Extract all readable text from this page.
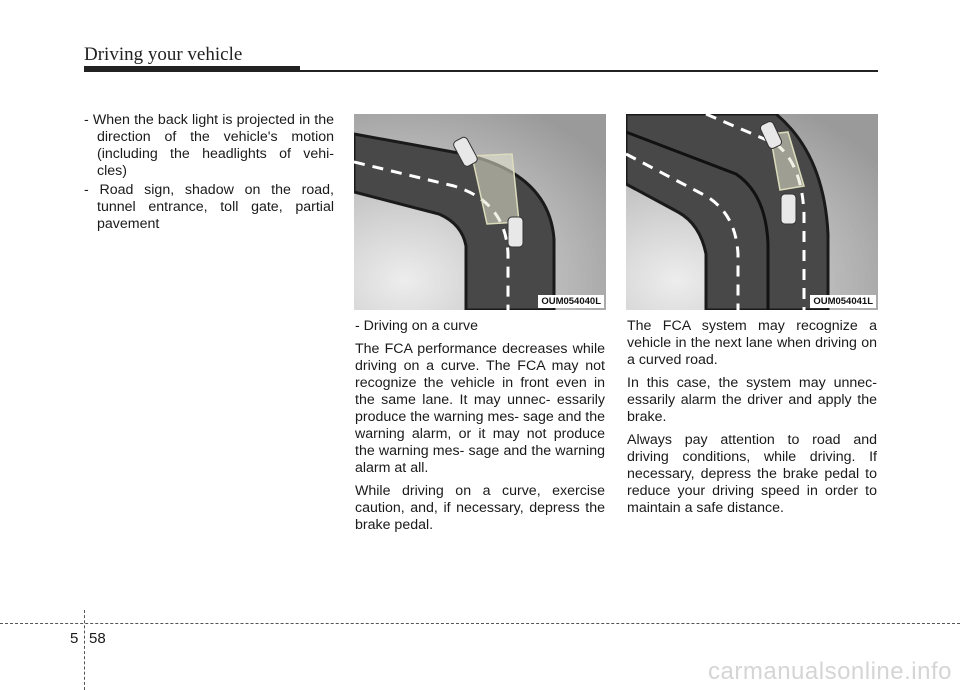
Driving your vehicle

- When the back light is projected in the direction of the vehicle's motion (including the headlights of vehi- cles)

- Road sign, shadow on the road, tunnel entrance, toll gate, partial pavement

OUM054040L	OUM054041L

- Driving on a curve

The FCA performance decreases while driving on a curve. The FCA may not recognize the vehicle in front even in the same lane. It may unnec- essarily produce the warning mes- sage and the warning alarm, or it may not produce the warning mes- sage and the warning alarm at all.

While driving on a curve, exercise caution, and, if necessary, depress the brake pedal.

The FCA system may recognize a vehicle in the next lane when driving on a curved road.

In this case, the system may unnec- essarily alarm the driver and apply the brake.

Always pay attention to road and driving conditions, while driving. If necessary, depress the brake pedal to reduce your driving speed in order to maintain a safe distance.

5 58
carmanualsonline.info
